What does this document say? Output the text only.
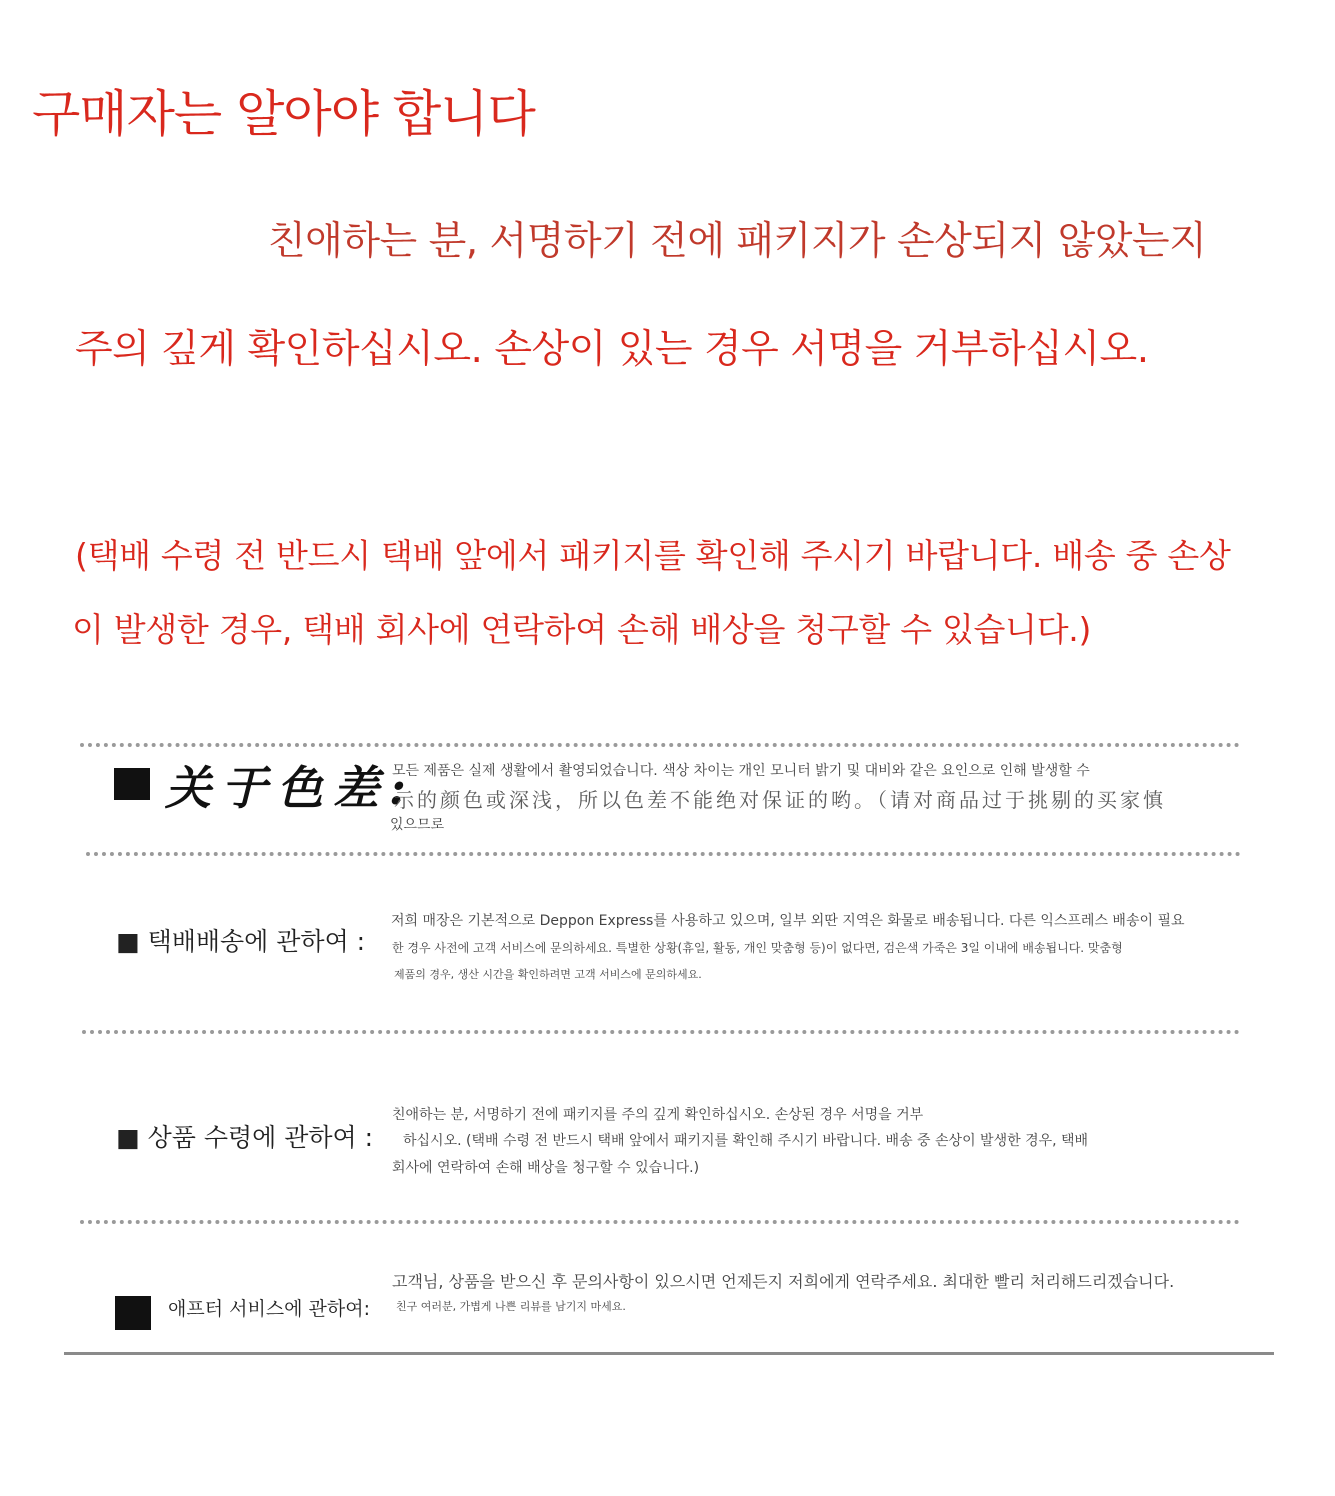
구매자는 알아야 합니다
친애하는 분, 서명하기 전에 패키지가 손상되지 않았는지
주의 깊게 확인하십시오. 손상이 있는 경우 서명을 거부하십시오.
(택배 수령 전 반드시 택배 앞에서 패키지를 확인해 주시기 바랍니다. 배송 중 손상
이 발생한 경우, 택배 회사에 연락하여 손해 배상을 청구할 수 있습니다.)
关于色差:
모든 제품은 실제 생활에서 촬영되었습니다. 색상 차이는 개인 모니터 밝기 및 대비와 같은 요인으로 인해 발생할 수
示的颜色或深浅，所以色差不能绝对保证的哟。（请对商品过于挑剔的买家慎
있으므로
■ 택배배송에 관하여 :
저희 매장은 기본적으로 Deppon Express를 사용하고 있으며, 일부 외딴 지역은 화물로 배송됩니다. 다른 익스프레스 배송이 필요
한 경우 사전에 고객 서비스에 문의하세요. 특별한 상황(휴일, 활동, 개인 맞춤형 등)이 없다면, 검은색 가죽은 3일 이내에 배송됩니다. 맞춤형
제품의 경우, 생산 시간을 확인하려면 고객 서비스에 문의하세요.
■ 상품 수령에 관하여 :
친애하는 분, 서명하기 전에 패키지를 주의 깊게 확인하십시오. 손상된 경우 서명을 거부
하십시오. (택배 수령 전 반드시 택배 앞에서 패키지를 확인해 주시기 바랍니다. 배송 중 손상이 발생한 경우, 택배
회사에 연락하여 손해 배상을 청구할 수 있습니다.)
애프터 서비스에 관하여:
고객님, 상품을 받으신 후 문의사항이 있으시면 언제든지 저희에게 연락주세요. 최대한 빨리 처리해드리겠습니다.
친구 여러분, 가볍게 나쁜 리뷰를 남기지 마세요.
